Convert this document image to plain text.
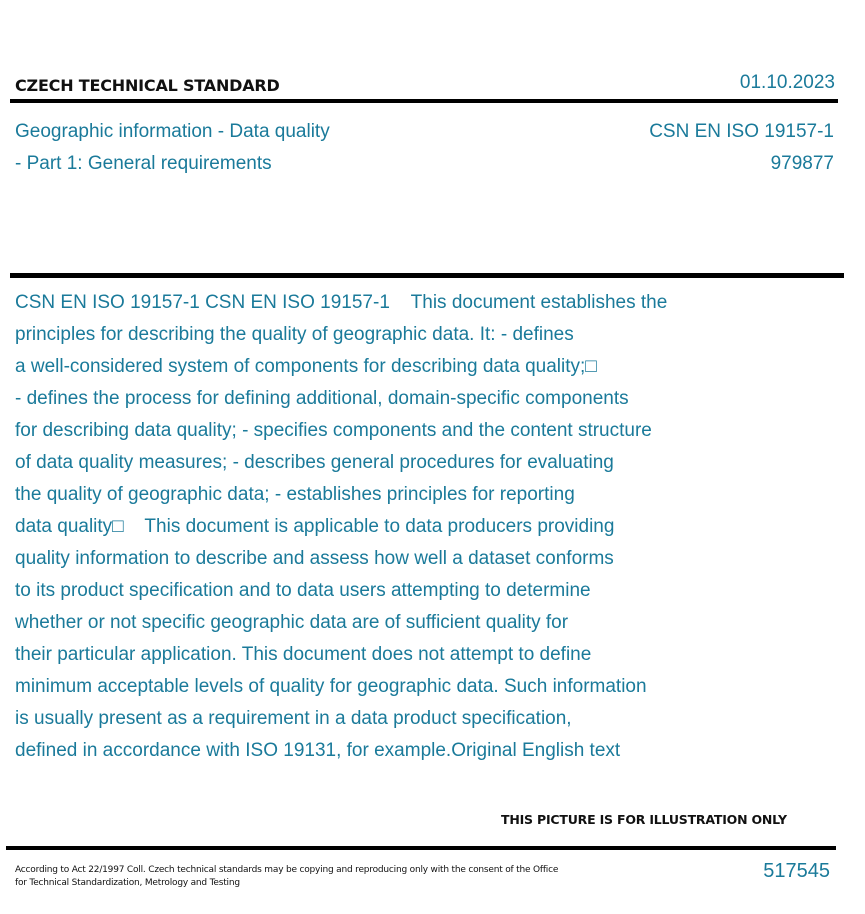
CZECH TECHNICAL STANDARD	01.10.2023
Geographic information - Data quality
- Part 1: General requirements
CSN EN ISO 19157-1
979877
CSN EN ISO 19157-1 CSN EN ISO 19157-1    This document establishes the
principles for describing the quality of geographic data. It: - defines
a well-considered system of components for describing data quality;□
- defines the process for defining additional, domain-specific components
for describing data quality; - specifies components and the content structure
of data quality measures; - describes general procedures for evaluating
the quality of geographic data; - establishes principles for reporting
data quality□    This document is applicable to data producers providing
quality information to describe and assess how well a dataset conforms
to its product specification and to data users attempting to determine
whether or not specific geographic data are of sufficient quality for
their particular application. This document does not attempt to define
minimum acceptable levels of quality for geographic data. Such information
is usually present as a requirement in a data product specification,
defined in accordance with ISO 19131, for example.Original English text
THIS PICTURE IS FOR ILLUSTRATION ONLY
According to Act 22/1997 Coll. Czech technical standards may be copying and reproducing only with the consent of the Office
for Technical Standardization, Metrology and Testing
517545
